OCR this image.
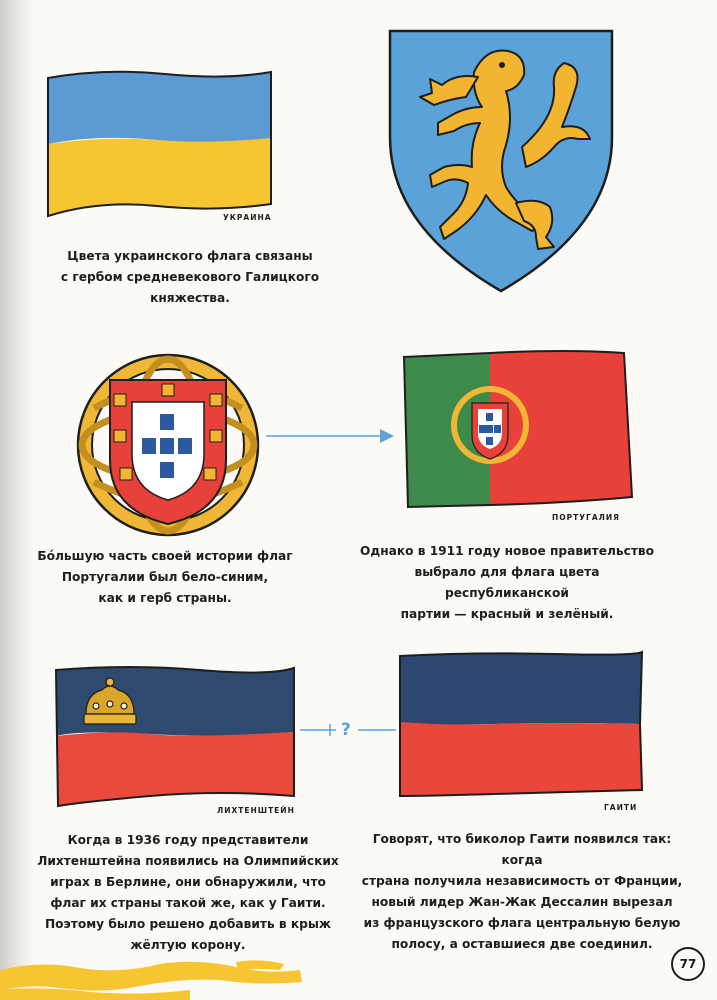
УКРАИНА
Цвета украинского флага связаны
с гербом средневекового Галицкого
княжества.
ПОРТУГАЛИЯ
Бóльшую часть своей истории флаг
Португалии был бело-синим,
как и герб страны.
Однако в 1911 году новое правительство
выбрало для флага цвета республиканской
партии — красный и зелёный.
ЛИХТЕНШТЕЙН
?
ГАИТИ
Когда в 1936 году представители
Лихтенштейна появились на Олимпийских
играх в Берлине, они обнаружили, что
флаг их страны такой же, как у Гаити.
Поэтому было решено добавить в крыж
жёлтую корону.
Говорят, что биколор Гаити появился так: когда
страна получила независимость от Франции,
новый лидер Жан-Жак Дессалин вырезал
из французского флага центральную белую
полосу, а оставшиеся две соединил.
77
